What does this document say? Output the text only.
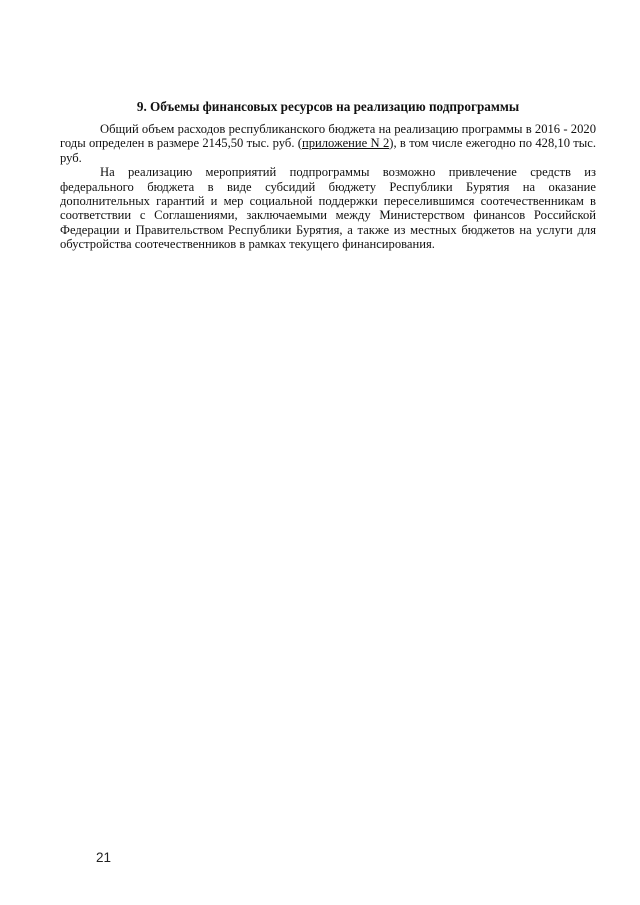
9. Объемы финансовых ресурсов на реализацию подпрограммы

Общий объем расходов республиканского бюджета на реализацию программы в 2016 - 2020 годы определен в размере 2145,50 тыс. руб. (приложение N 2), в том числе ежегодно по 428,10 тыс. руб.

На реализацию мероприятий подпрограммы возможно привлечение средств из федерального бюджета в виде субсидий бюджету Республики Бурятия на оказание дополнительных гарантий и мер социальной поддержки переселившимся соотечественникам в соответствии с Соглашениями, заключаемыми между Министерством финансов Российской Федерации и Правительством Республики Бурятия, а также из местных бюджетов на услуги для обустройства соотечественников в рамках текущего финансирования.

21
